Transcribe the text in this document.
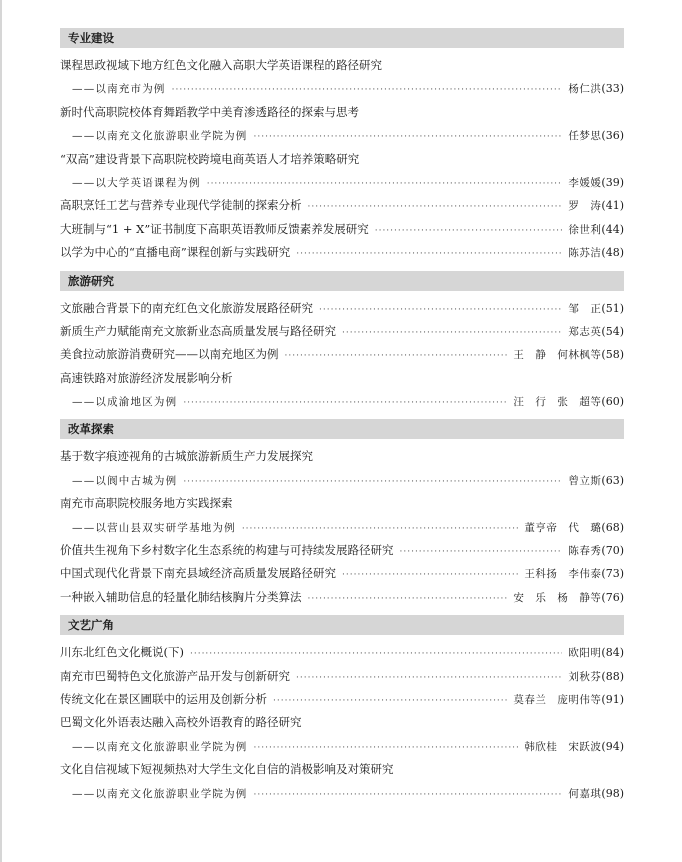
专业建设
课程思政视域下地方红色文化融入高职大学英语课程的路径研究
——以南充市为例 ·····	杨仁洪 (33)
新时代高职院校体育舞蹈教学中美育渗透路径的探索与思考
——以南充文化旅游职业学院为例 ·····	任梦思 (36)
“双高”建设背景下高职院校跨境电商英语人才培养策略研究
——以大学英语课程为例 ·····	李媛媛 (39)
高职烹饪工艺与营养专业现代学徒制的探索分析 ·····	罗　涛 (41)
大班制与“1 + X”证书制度下高职英语教师反馈素养发展研究 ·····	徐世利 (44)
以学为中心的“直播电商”课程创新与实践研究 ·····	陈苏洁 (48)
旅游研究
文旅融合背景下的南充红色文化旅游发展路径研究 ·····	邹　正 (51)
新质生产力赋能南充文旅新业态高质量发展与路径研究 ·····	郑志英 (54)
美食拉动旅游消费研究——以南充地区为例 ·····	王　静　何林枫等 (58)
高速铁路对旅游经济发展影响分析
——以成渝地区为例 ·····	汪　行　张　超等 (60)
改革探索
基于数字痕迹视角的古城旅游新质生产力发展探究
——以阆中古城为例 ·····	曾立斯 (63)
南充市高职院校服务地方实践探索
——以营山县双实研学基地为例 ·····	董亨帝　代　璐 (68)
价值共生视角下乡村数字化生态系统的构建与可持续发展路径研究 ·····	陈春秀 (70)
中国式现代化背景下南充县域经济高质量发展路径研究 ·····	王科扬　李伟泰 (73)
一种嵌入辅助信息的轻量化肺结核胸片分类算法 ·····	安　乐　杨　静等 (76)
文艺广角
川东北红色文化概说(下) ·····	欧阳明 (84)
南充市巴蜀特色文化旅游产品开发与创新研究 ·····	刘秋芬 (88)
传统文化在景区圃联中的运用及创新分析 ·····	莫春兰　庞明伟等 (91)
巴蜀文化外语表达融入高校外语教育的路径研究
——以南充文化旅游职业学院为例 ·····	韩欣桂　宋跃波 (94)
文化自信视域下短视频热对大学生文化自信的消极影响及对策研究
——以南充文化旅游职业学院为例 ·····	何嘉琪 (98)
